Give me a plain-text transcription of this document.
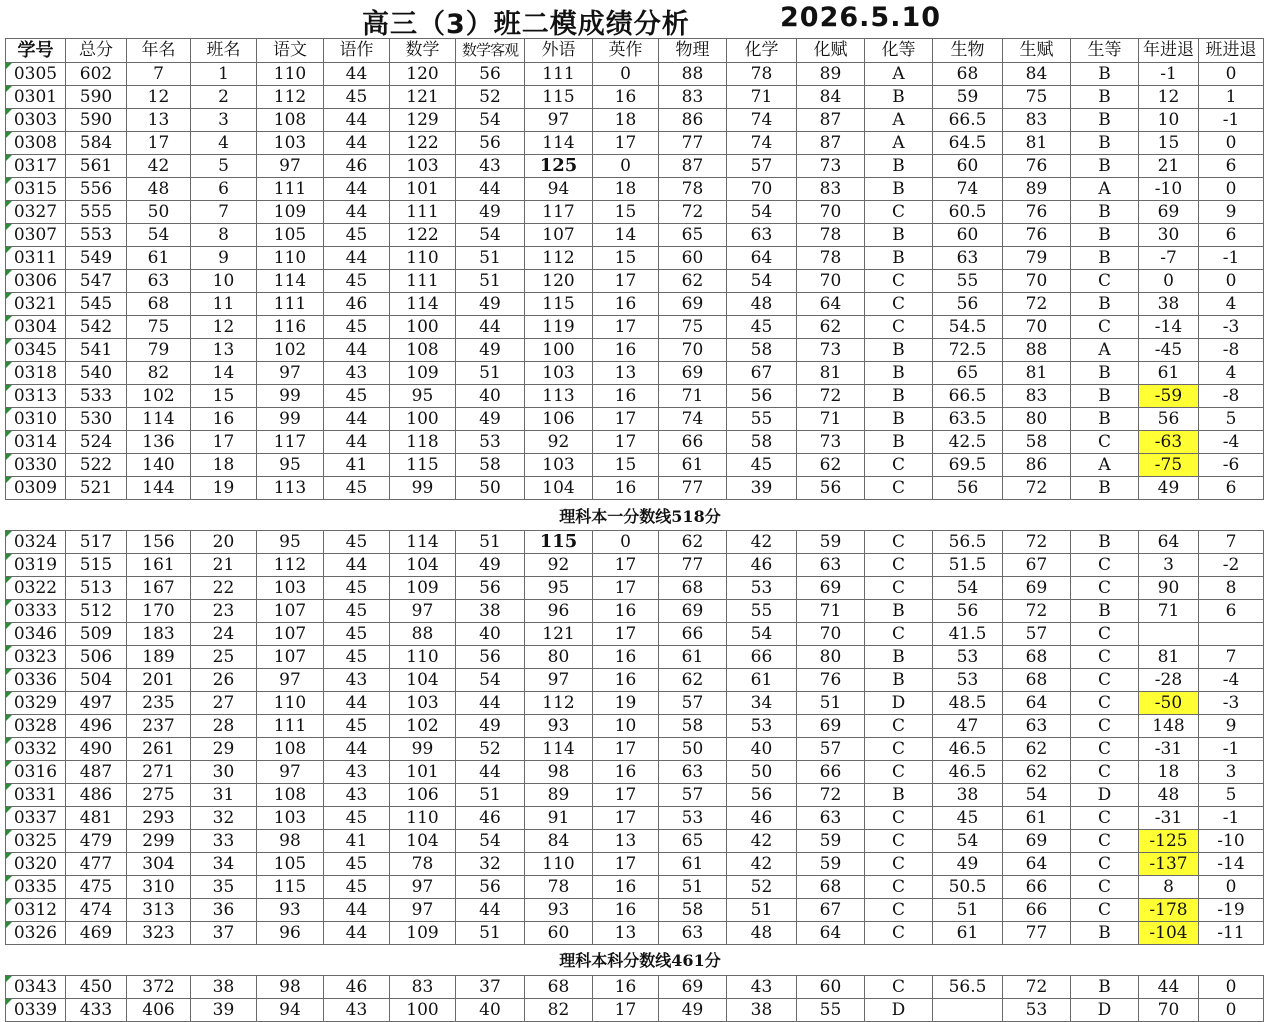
高三（3）班二模成绩分析	2026.5.10
学号	总分	年名	班名	语文	语作	数学	数学客观	外语	英作	物理	化学	化赋	化等	生物	生赋	生等	年进退	班进退
0305	602	7	1	110	44	120	56	111	0	88	78	89	A	68	84	B	-1	0
0301	590	12	2	112	45	121	52	115	16	83	71	84	B	59	75	B	12	1
0303	590	13	3	108	44	129	54	97	18	86	74	87	A	66.5	83	B	10	-1
0308	584	17	4	103	44	122	56	114	17	77	74	87	A	64.5	81	B	15	0
0317	561	42	5	97	46	103	43	125	0	87	57	73	B	60	76	B	21	6
0315	556	48	6	111	44	101	44	94	18	78	70	83	B	74	89	A	-10	0
0327	555	50	7	109	44	111	49	117	15	72	54	70	C	60.5	76	B	69	9
0307	553	54	8	105	45	122	54	107	14	65	63	78	B	60	76	B	30	6
0311	549	61	9	110	44	110	51	112	15	60	64	78	B	63	79	B	-7	-1
0306	547	63	10	114	45	111	51	120	17	62	54	70	C	55	70	C	0	0
0321	545	68	11	111	46	114	49	115	16	69	48	64	C	56	72	B	38	4
0304	542	75	12	116	45	100	44	119	17	75	45	62	C	54.5	70	C	-14	-3
0345	541	79	13	102	44	108	49	100	16	70	58	73	B	72.5	88	A	-45	-8
0318	540	82	14	97	43	109	51	103	13	69	67	81	B	65	81	B	61	4
0313	533	102	15	99	45	95	40	113	16	71	56	72	B	66.5	83	B	-59	-8
0310	530	114	16	99	44	100	49	106	17	74	55	71	B	63.5	80	B	56	5
0314	524	136	17	117	44	118	53	92	17	66	58	73	B	42.5	58	C	-63	-4
0330	522	140	18	95	41	115	58	103	15	61	45	62	C	69.5	86	A	-75	-6
0309	521	144	19	113	45	99	50	104	16	77	39	56	C	56	72	B	49	6
理科本一分数线518分
0324	517	156	20	95	45	114	51	115	0	62	42	59	C	56.5	72	B	64	7
0319	515	161	21	112	44	104	49	92	17	77	46	63	C	51.5	67	C	3	-2
0322	513	167	22	103	45	109	56	95	17	68	53	69	C	54	69	C	90	8
0333	512	170	23	107	45	97	38	96	16	69	55	71	B	56	72	B	71	6
0346	509	183	24	107	45	88	40	121	17	66	54	70	C	41.5	57	C		
0323	506	189	25	107	45	110	56	80	16	61	66	80	B	53	68	C	81	7
0336	504	201	26	97	43	104	54	97	16	62	61	76	B	53	68	C	-28	-4
0329	497	235	27	110	44	103	44	112	19	57	34	51	D	48.5	64	C	-50	-3
0328	496	237	28	111	45	102	49	93	10	58	53	69	C	47	63	C	148	9
0332	490	261	29	108	44	99	52	114	17	50	40	57	C	46.5	62	C	-31	-1
0316	487	271	30	97	43	101	44	98	16	63	50	66	C	46.5	62	C	18	3
0331	486	275	31	108	43	106	51	89	17	57	56	72	B	38	54	D	48	5
0337	481	293	32	103	45	110	46	91	17	53	46	63	C	45	61	C	-31	-1
0325	479	299	33	98	41	104	54	84	13	65	42	59	C	54	69	C	-125	-10
0320	477	304	34	105	45	78	32	110	17	61	42	59	C	49	64	C	-137	-14
0335	475	310	35	115	45	97	56	78	16	51	52	68	C	50.5	66	C	8	0
0312	474	313	36	93	44	97	44	93	16	58	51	67	C	51	66	C	-178	-19
0326	469	323	37	96	44	109	51	60	13	63	48	64	C	61	77	B	-104	-11
理科本科分数线461分
0343	450	372	38	98	46	83	37	68	16	69	43	60	C	56.5	72	B	44	0
0339	433	406	39	94	43	100	40	82	17	49	38	55	D		53	D	70	0
